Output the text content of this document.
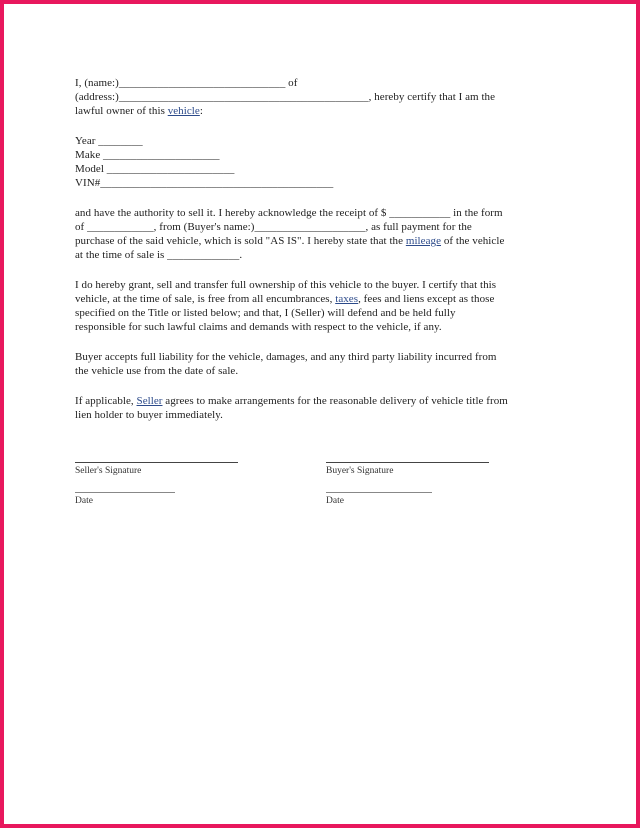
I, (name:)______________________________ of
(address:)_____________________________________________, hereby certify that I am the
lawful owner of this vehicle:
Year ________
Make _____________________
Model _______________________
VIN#__________________________________________
and have the authority to sell it. I hereby acknowledge the receipt of $ ___________ in the form
of ____________, from (Buyer's name:)____________________, as full payment for the
purchase of the said vehicle, which is sold "AS IS". I hereby state that the mileage of the vehicle
at the time of sale is _____________.
I do hereby grant, sell and transfer full ownership of this vehicle to the buyer. I certify that this
vehicle, at the time of sale, is free from all encumbrances, taxes, fees and liens except as those
specified on the Title or listed below; and that, I (Seller) will defend and be held fully
responsible for such lawful claims and demands with respect to the vehicle, if any.
Buyer accepts full liability for the vehicle, damages, and any third party liability incurred from
the vehicle use from the date of sale.
If applicable, Seller agrees to make arrangements for the reasonable delivery of vehicle title from
lien holder to buyer immediately.
Seller's Signature	Buyer's Signature
Date	Date
